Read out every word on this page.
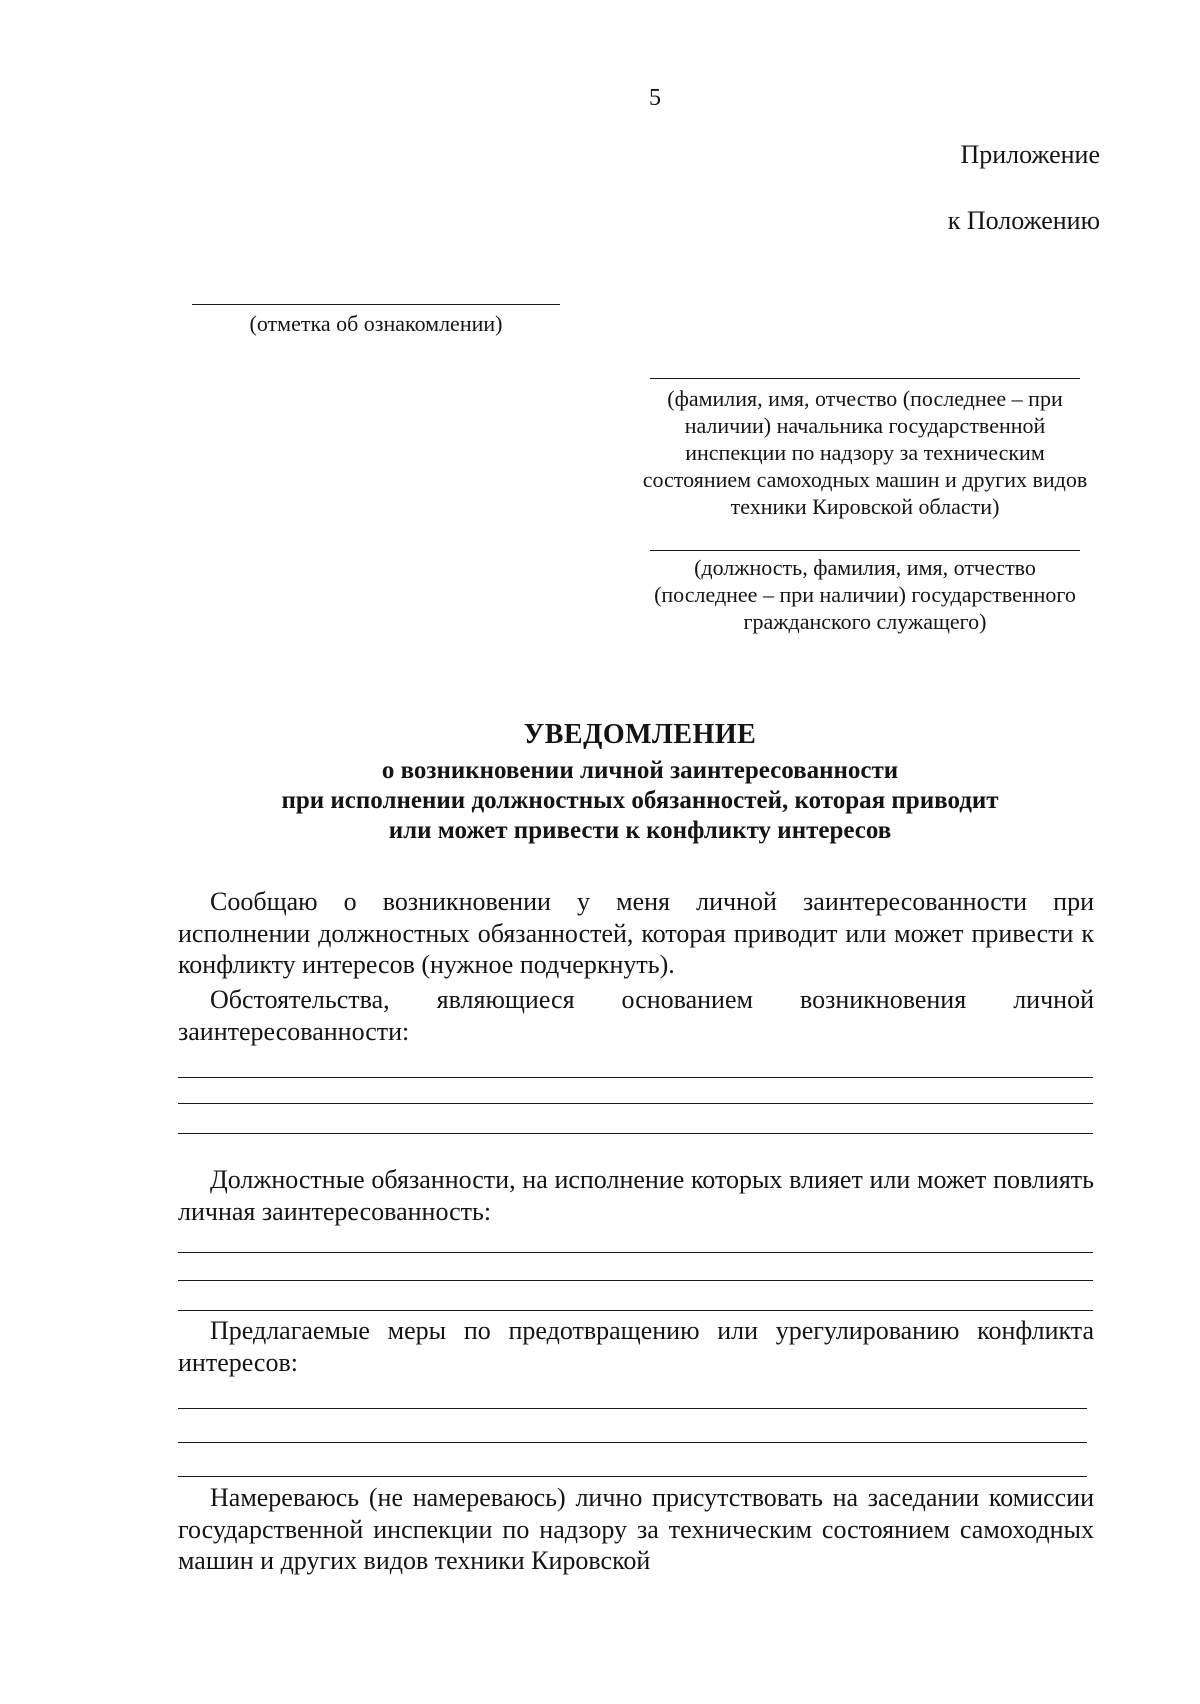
5
Приложение
к Положению
(отметка об ознакомлении)
(фамилия, имя, отчество (последнее – при наличии) начальника государственной инспекции по надзору за техническим состоянием самоходных машин и других видов техники Кировской области)
(должность, фамилия, имя, отчество (последнее – при наличии) государственного гражданского служащего)
УВЕДОМЛЕНИЕ
о возникновении личной заинтересованности
при исполнении должностных обязанностей, которая приводит
или может привести к конфликту интересов

Сообщаю о возникновении у меня личной заинтересованности при исполнении должностных обязанностей, которая приводит или может привести к конфликту интересов (нужное подчеркнуть).

Обстоятельства, являющиеся основанием возникновения личной заинтересованности:

Должностные обязанности, на исполнение которых влияет или может повлиять личная заинтересованность:

Предлагаемые меры по предотвращению или урегулированию конфликта интересов:

Намереваюсь (не намереваюсь) лично присутствовать на заседании комиссии государственной инспекции по надзору за техническим состоянием самоходных машин и других видов техники Кировской
